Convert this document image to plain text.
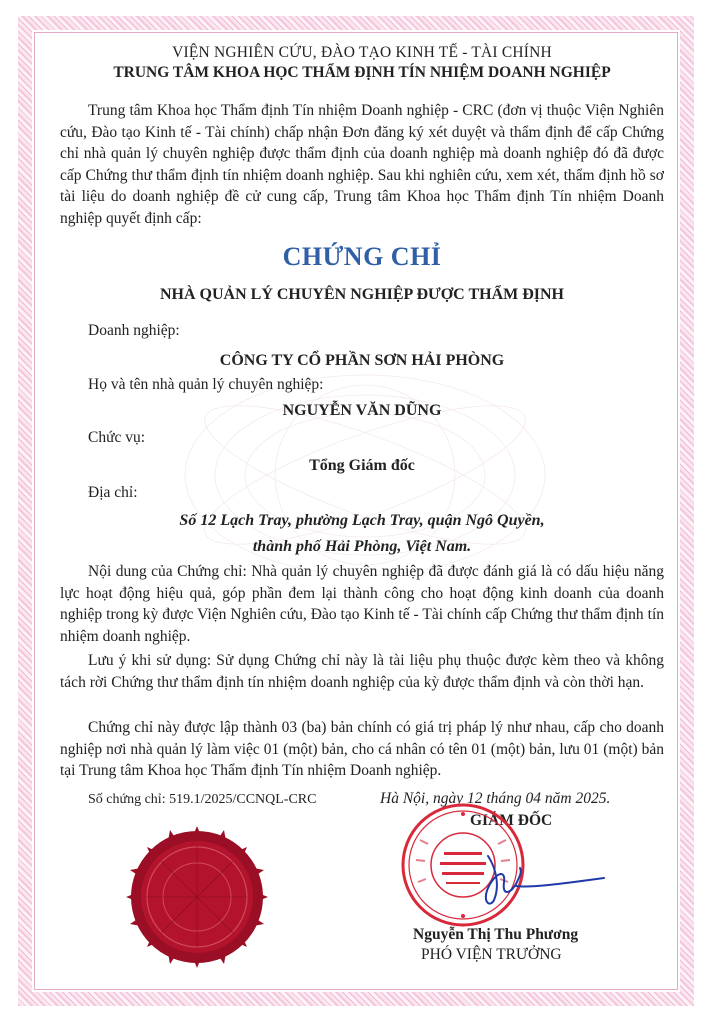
VIỆN NGHIÊN CỨU, ĐÀO TẠO KINH TẾ - TÀI CHÍNH
TRUNG TÂM KHOA HỌC THẨM ĐỊNH TÍN NHIỆM DOANH NGHIỆP
Trung tâm Khoa học Thẩm định Tín nhiệm Doanh nghiệp - CRC (đơn vị thuộc Viện Nghiên cứu, Đào tạo Kinh tế - Tài chính) chấp nhận Đơn đăng ký xét duyệt và thẩm định để cấp Chứng chỉ nhà quản lý chuyên nghiệp được thẩm định của doanh nghiệp mà doanh nghiệp đó đã được cấp Chứng thư thẩm định tín nhiệm doanh nghiệp. Sau khi nghiên cứu, xem xét, thẩm định hồ sơ tài liệu do doanh nghiệp đề cử cung cấp, Trung tâm Khoa học Thẩm định Tín nhiệm Doanh nghiệp quyết định cấp:
CHỨNG CHỈ
NHÀ QUẢN LÝ CHUYÊN NGHIỆP ĐƯỢC THẨM ĐỊNH
Doanh nghiệp:
CÔNG TY CỔ PHẦN SƠN HẢI PHÒNG
Họ và tên nhà quản lý chuyên nghiệp:
NGUYỄN VĂN DŨNG
Chức vụ:
Tổng Giám đốc
Địa chỉ:
Số 12 Lạch Tray, phường Lạch Tray, quận Ngô Quyền,
thành phố Hải Phòng, Việt Nam.
Nội dung của Chứng chỉ: Nhà quản lý chuyên nghiệp đã được đánh giá là có dấu hiệu năng lực hoạt động hiệu quả, góp phần đem lại thành công cho hoạt động kinh doanh của doanh nghiệp trong kỳ được Viện Nghiên cứu, Đào tạo Kinh tế - Tài chính cấp Chứng thư thẩm định tín nhiệm doanh nghiệp.
Lưu ý khi sử dụng: Sử dụng Chứng chỉ này là tài liệu phụ thuộc được kèm theo và không tách rời Chứng thư thẩm định tín nhiệm doanh nghiệp của kỳ được thẩm định và còn thời hạn.
Chứng chỉ này được lập thành 03 (ba) bản chính có giá trị pháp lý như nhau, cấp cho doanh nghiệp nơi nhà quản lý làm việc 01 (một) bản, cho cá nhân có tên 01 (một) bản, lưu 01 (một) bản tại Trung tâm Khoa học Thẩm định Tín nhiệm Doanh nghiệp.
Số chứng chỉ: 519.1/2025/CCNQL-CRC	Hà Nội, ngày 12 tháng 04 năm 2025.
GIÁM ĐỐC
Nguyễn Thị Thu Phương
PHÓ VIỆN TRƯỞNG
